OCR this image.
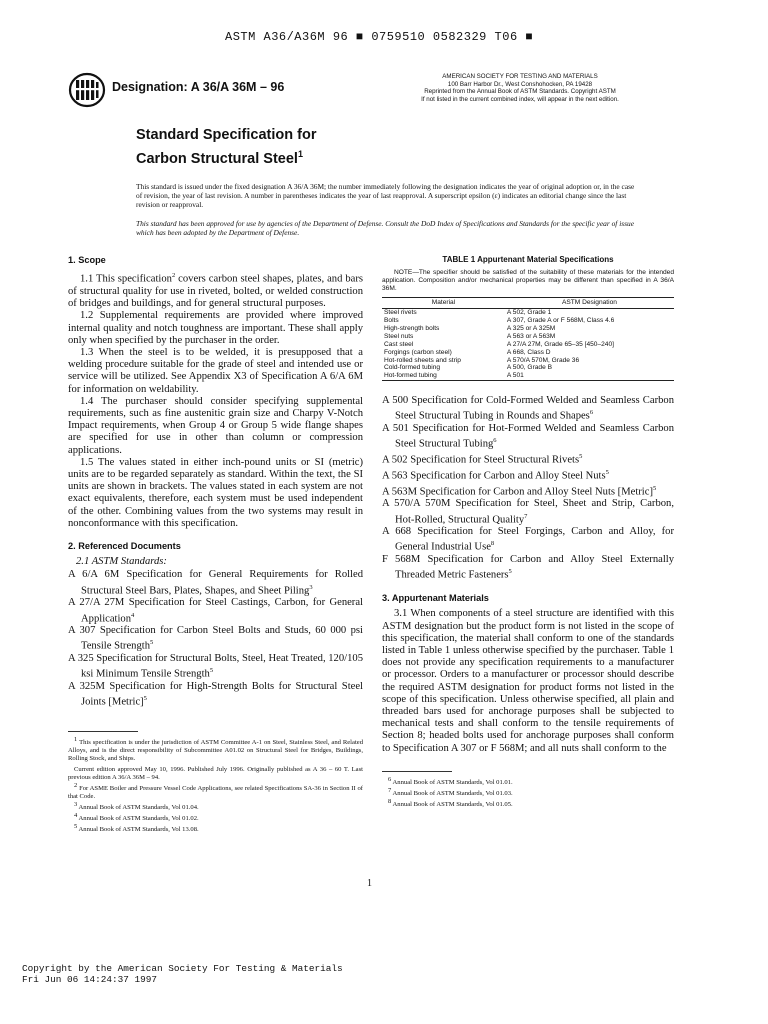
ASTM A36/A36M 96 ■ 0759510 0582329 T06 ■
Designation: A 36/A 36M – 96
AMERICAN SOCIETY FOR TESTING AND MATERIALS
100 Barr Harbor Dr., West Conshohocken, PA 19428
Reprinted from the Annual Book of ASTM Standards. Copyright ASTM
If not listed in the current combined index, will appear in the next edition.
Standard Specification for
Carbon Structural Steel$^1$
This standard is issued under the fixed designation A 36/A 36M; the number immediately following the designation indicates the year of original adoption or, in the case of revision, the year of last revision. A number in parentheses indicates the year of last reapproval. A superscript epsilon (ε) indicates an editorial change since the last revision or reapproval.
This standard has been approved for use by agencies of the Department of Defense. Consult the DoD Index of Specifications and Standards for the specific year of issue which has been adopted by the Department of Defense.
1. Scope

1.1 This specification$^2$ covers carbon steel shapes, plates, and bars of structural quality for use in riveted, bolted, or welded construction of bridges and buildings, and for general structural purposes.

1.2 Supplemental requirements are provided where improved internal quality and notch toughness are important. These shall apply only when specified by the purchaser in the order.

1.3 When the steel is to be welded, it is presupposed that a welding procedure suitable for the grade of steel and intended use or service will be utilized. See Appendix X3 of Specification A 6/A 6M for information on weldability.

1.4 The purchaser should consider specifying supplemental requirements, such as fine austenitic grain size and Charpy V-Notch Impact requirements, when Group 4 or Group 5 wide flange shapes are specified for use in other than column or compression applications.

1.5 The values stated in either inch-pound units or SI (metric) units are to be regarded separately as standard. Within the text, the SI units are shown in brackets. The values stated in each system are not exact equivalents, therefore, each system must be used independent of the other. Combining values from the two systems may result in nonconformance with this specification.

2. Referenced Documents
2.1 ASTM Standards:

A 6/A 6M Specification for General Requirements for Rolled Structural Steel Bars, Plates, Shapes, and Sheet Piling$^3$

A 27/A 27M Specification for Steel Castings, Carbon, for General Application$^4$

A 307 Specification for Carbon Steel Bolts and Studs, 60 000 psi Tensile Strength$^5$

A 325 Specification for Structural Bolts, Steel, Heat Treated, 120/105 ksi Minimum Tensile Strength$^5$

A 325M Specification for High-Strength Bolts for Structural Steel Joints [Metric]$^5$

$^1$ This specification is under the jurisdiction of ASTM Committee A-1 on Steel, Stainless Steel, and Related Alloys, and is the direct responsibility of Subcommittee A01.02 on Structural Steel for Bridges, Buildings, Rolling Stock, and Ships.

Current edition approved May 10, 1996. Published July 1996. Originally published as A 36 – 60 T. Last previous edition A 36/A 36M – 94.

$^2$ For ASME Boiler and Pressure Vessel Code Applications, see related Specifications SA-36 in Section II of that Code.

$^3$ Annual Book of ASTM Standards, Vol 01.04.

$^4$ Annual Book of ASTM Standards, Vol 01.02.

$^5$ Annual Book of ASTM Standards, Vol 13.08.

TABLE 1 Appurtenant Material Specifications

NOTE—The specifier should be satisfied of the suitability of these materials for the intended application. Composition and/or mechanical properties may be different than specified in A 36/A 36M.

Material	ASTM Designation
Steel rivets	A 502, Grade 1
Bolts	A 307, Grade A or F 568M, Class 4.6
High-strength bolts	A 325 or A 325M
Steel nuts	A 563 or A 563M
Cast steel	A 27/A 27M, Grade 65–35 [450–240]
Forgings (carbon steel)	A 668, Class D
Hot-rolled sheets and strip	A 570/A 570M, Grade 36
Cold-formed tubing	A 500, Grade B
Hot-formed tubing	A 501

A 500 Specification for Cold-Formed Welded and Seamless Carbon Steel Structural Tubing in Rounds and Shapes$^6$

A 501 Specification for Hot-Formed Welded and Seamless Carbon Steel Structural Tubing$^6$

A 502 Specification for Steel Structural Rivets$^5$

A 563 Specification for Carbon and Alloy Steel Nuts$^5$

A 563M Specification for Carbon and Alloy Steel Nuts [Metric]$^5$

A 570/A 570M Specification for Steel, Sheet and Strip, Carbon, Hot-Rolled, Structural Quality$^7$

A 668 Specification for Steel Forgings, Carbon and Alloy, for General Industrial Use$^8$

F 568M Specification for Carbon and Alloy Steel Externally Threaded Metric Fasteners$^5$

3. Appurtenant Materials

3.1 When components of a steel structure are identified with this ASTM designation but the product form is not listed in the scope of this specification, the material shall conform to one of the standards listed in Table 1 unless otherwise specified by the purchaser. Table 1 does not provide any specification requirements to a manufacturer or processor. Orders to a manufacturer or processor should describe the required ASTM designation for product forms not listed in the scope of this specification. Unless otherwise specified, all plain and threaded bars used for anchorage purposes shall be subjected to mechanical tests and shall conform to the tensile requirements of Section 8; headed bolts used for anchorage purposes shall conform to Specification A 307 or F 568M; and all nuts shall conform to the

$^6$ Annual Book of ASTM Standards, Vol 01.01.

$^7$ Annual Book of ASTM Standards, Vol 01.03.

$^8$ Annual Book of ASTM Standards, Vol 01.05.

1
Copyright by the American Society For Testing & Materials
Fri Jun 06 14:24:37 1997
